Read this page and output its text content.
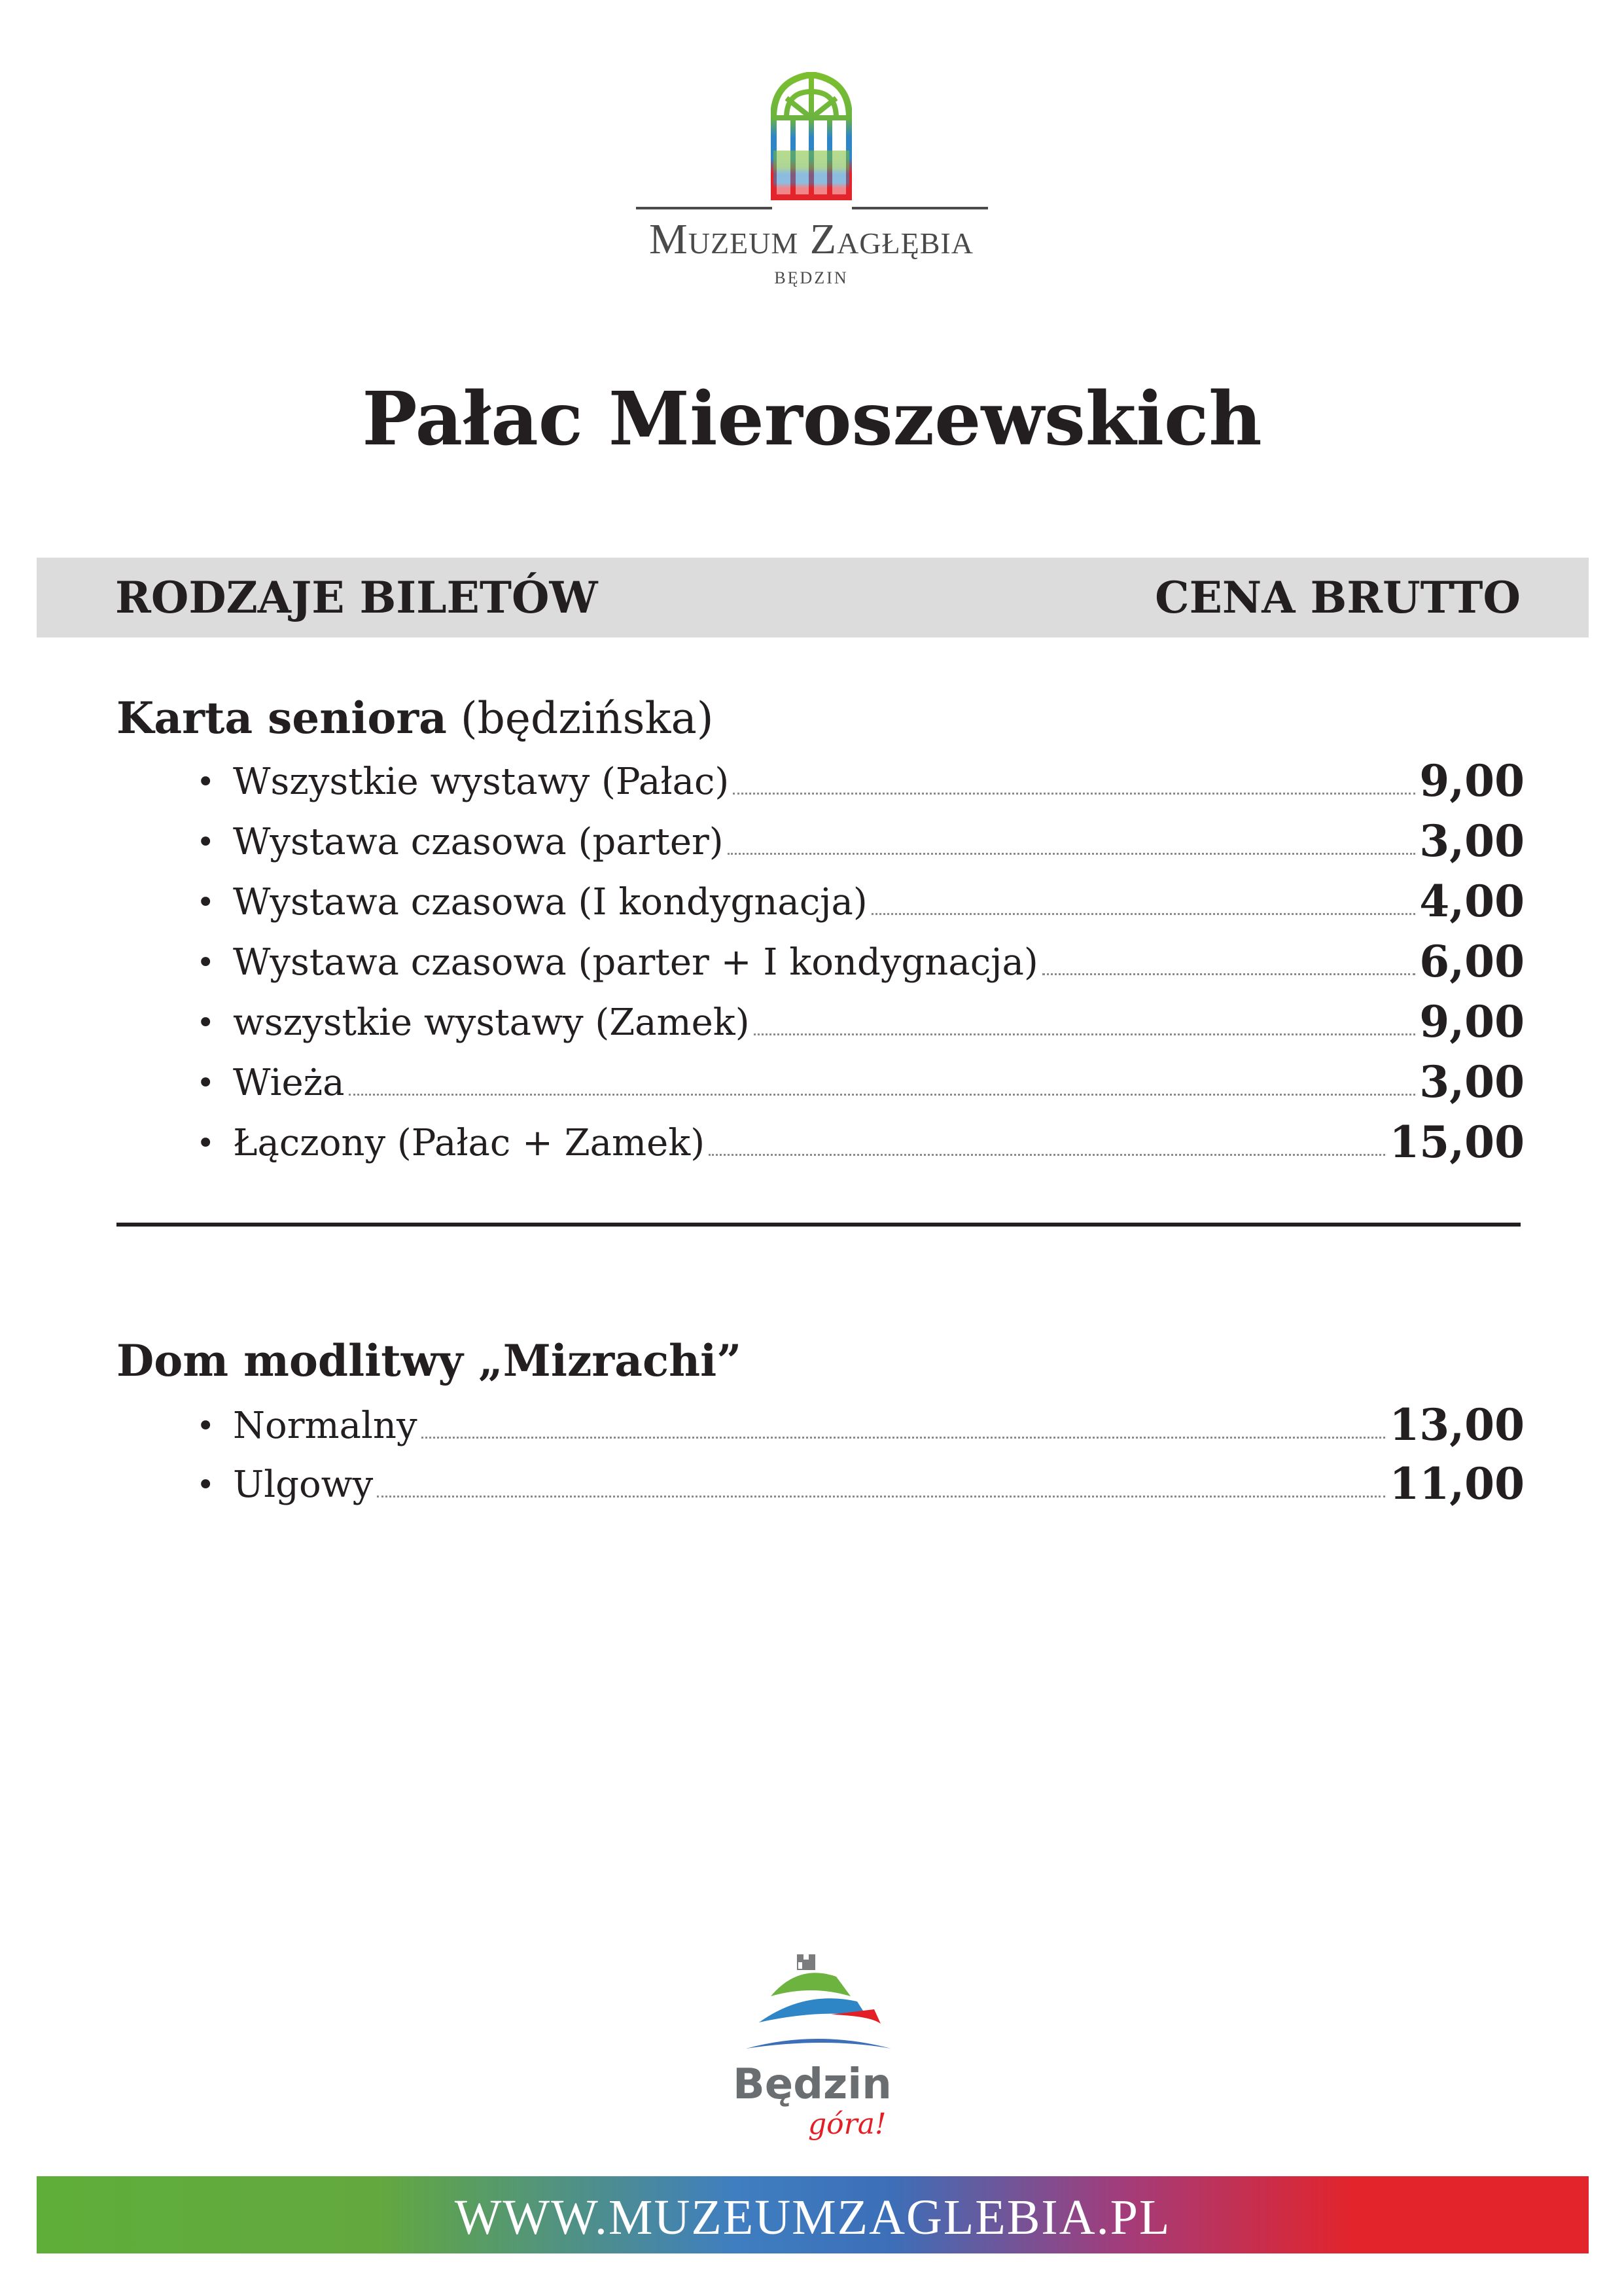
Muzeum Zagłębia
BĘDZIN
Pałac Mieroszewskich
RODZAJE BILETÓW	CENA BRUTTO
Karta seniora (będzińska)
• Wszystkie wystawy (Pałac)	9,00
• Wystawa czasowa (parter)	3,00
• Wystawa czasowa (I kondygnacja)	4,00
• Wystawa czasowa (parter + I kondygnacja)	6,00
• wszystkie wystawy (Zamek)	9,00
• Wieża	3,00
• Łączony (Pałac + Zamek)	15,00
Dom modlitwy „Mizrachi”
• Normalny	13,00
• Ulgowy	11,00
Będzin
góra!
WWW.MUZEUMZAGLEBIA.PL
